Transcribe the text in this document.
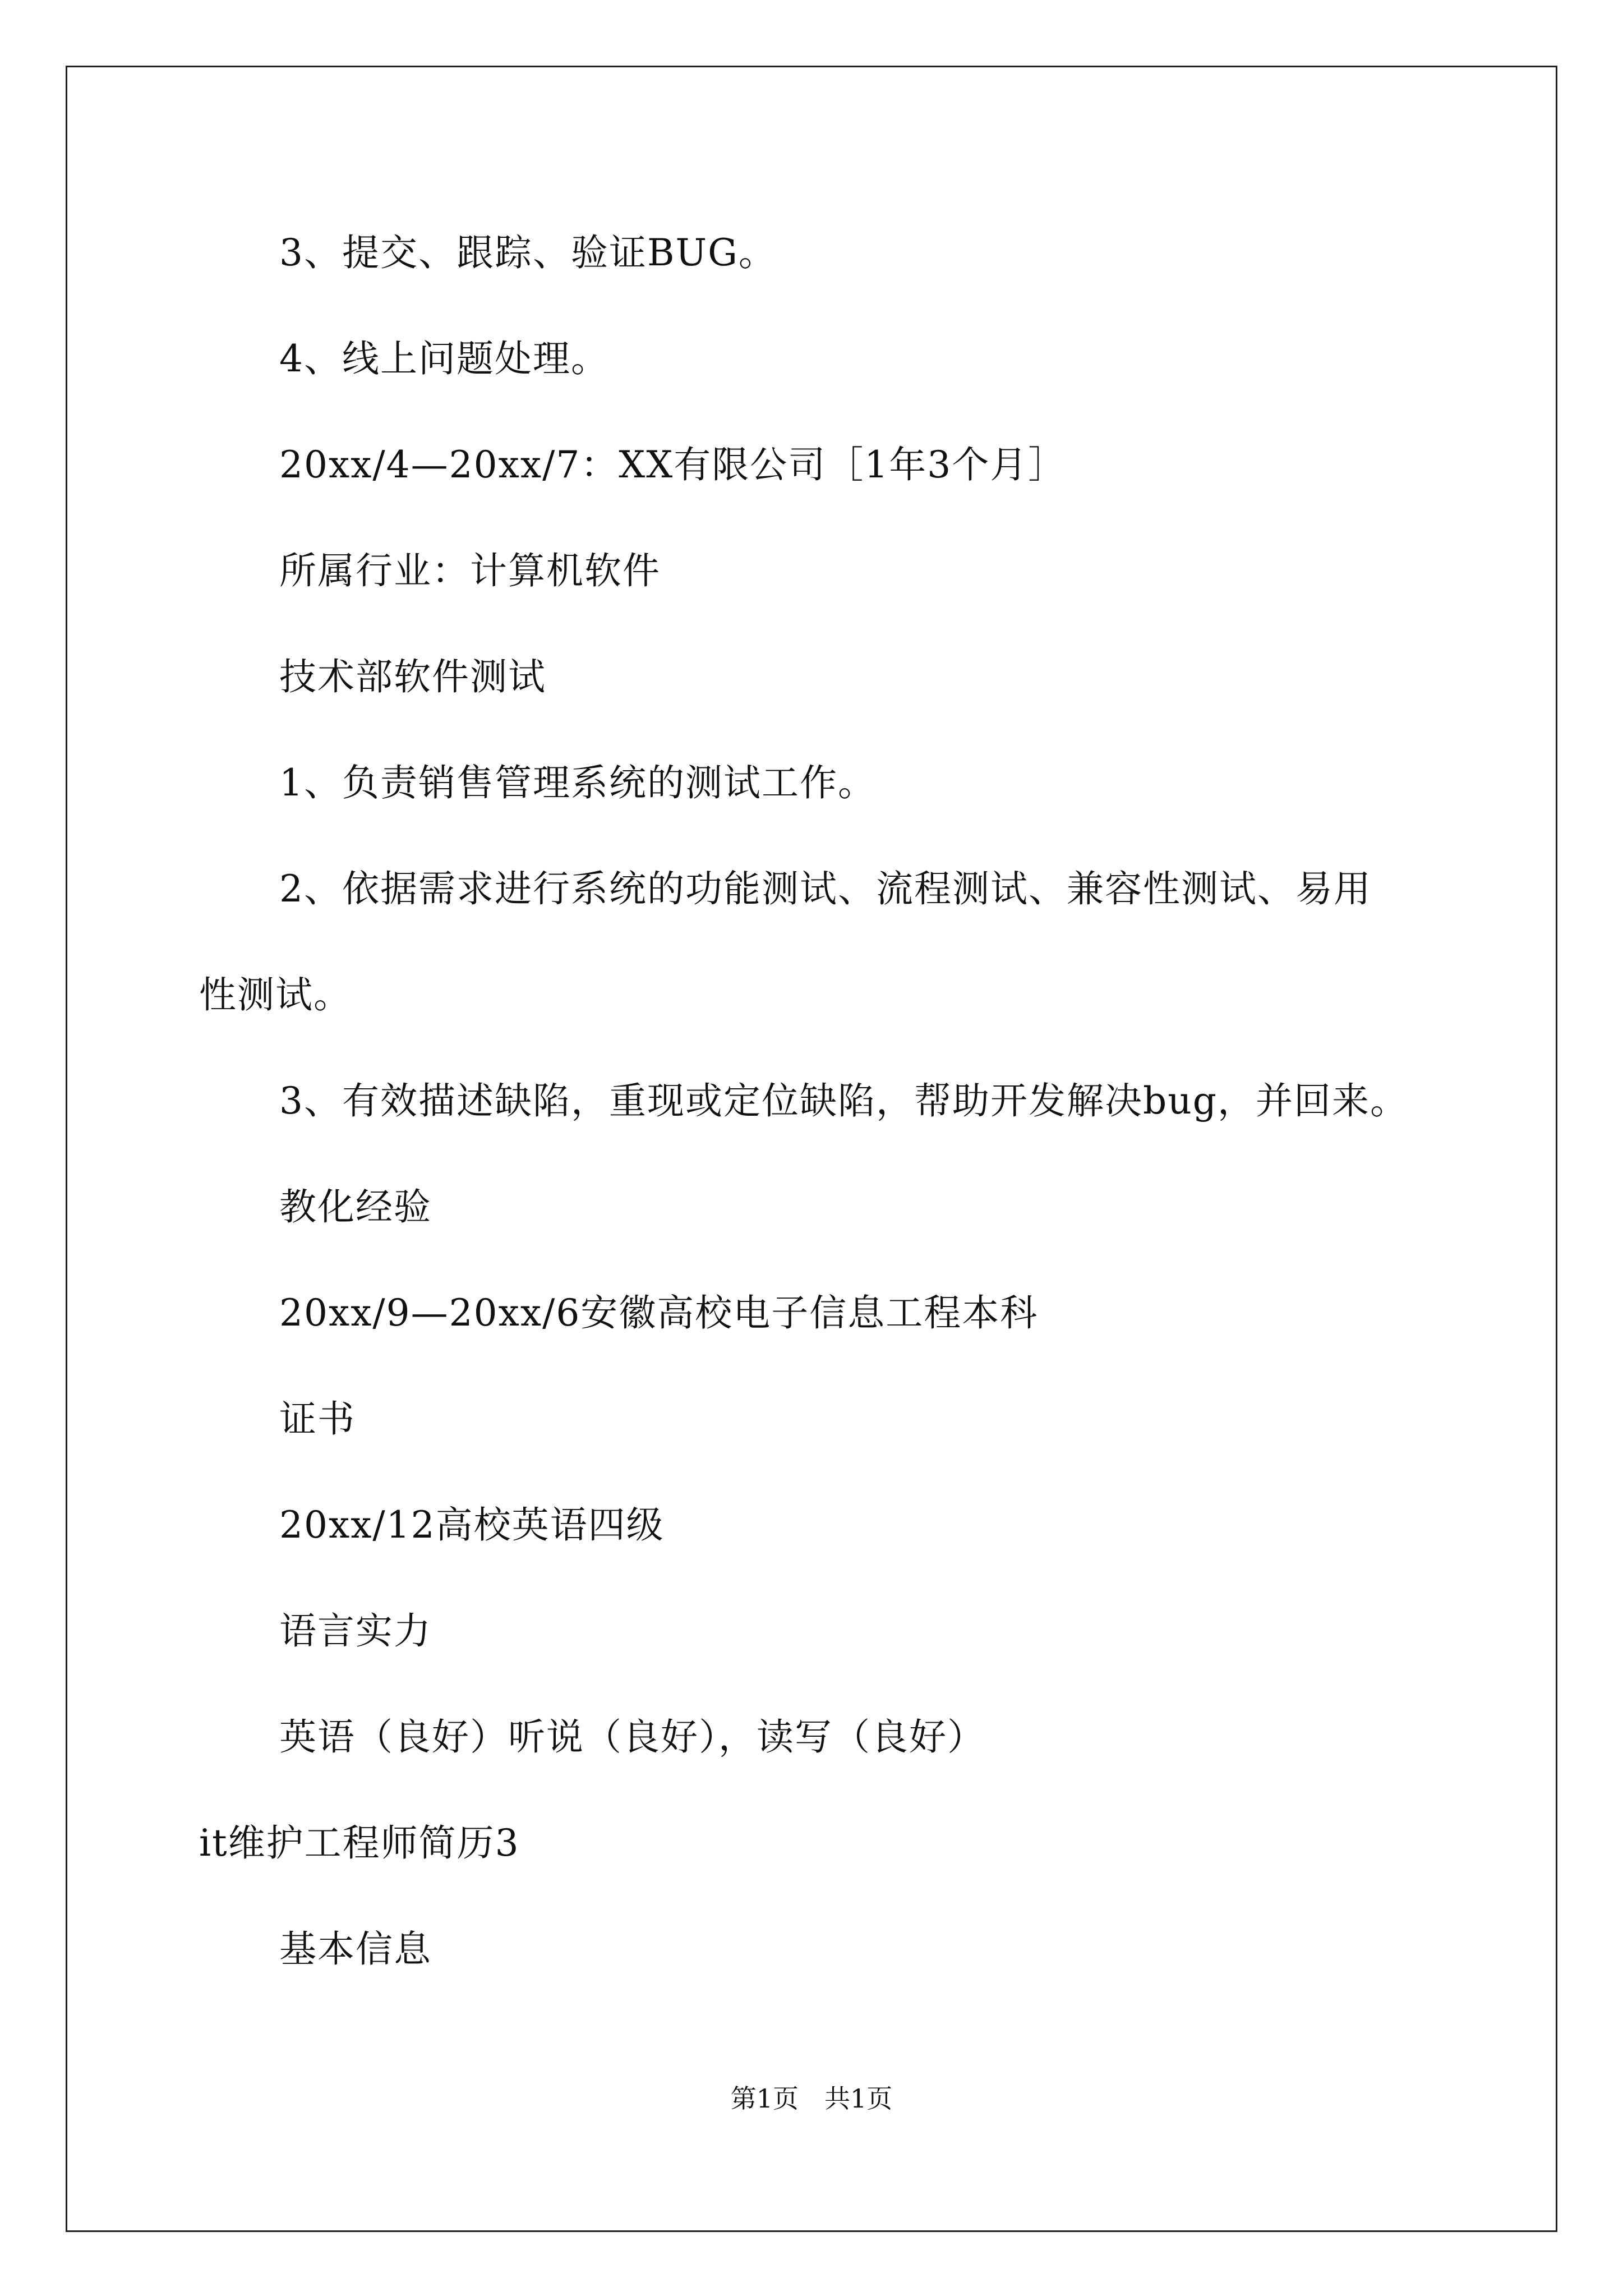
3、提交、跟踪、验证BUG。
4、线上问题处理。
20xx/4—20xx/7：XX有限公司［1年3个月］
所属行业：计算机软件
技术部软件测试
1、负责销售管理系统的测试工作。
2、依据需求进行系统的功能测试、流程测试、兼容性测试、易用
性测试。
3、有效描述缺陷，重现或定位缺陷，帮助开发解决bug，并回来。
教化经验
20xx/9—20xx/6安徽高校电子信息工程本科
证书
20xx/12高校英语四级
语言实力
英语（良好）听说（良好），读写（良好）
it维护工程师简历3
基本信息
第1页　共1页
